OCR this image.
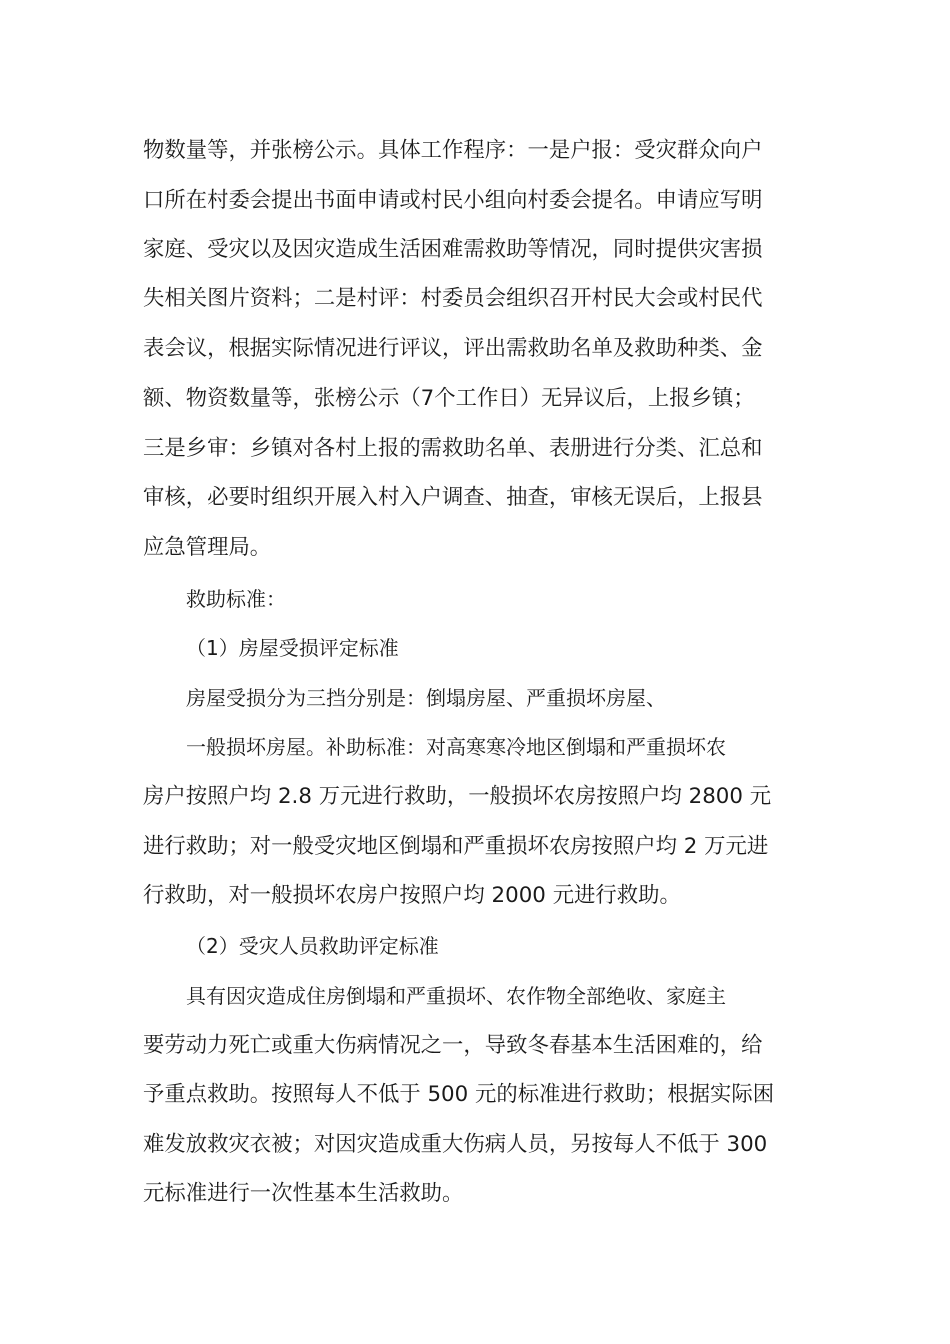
物数量等，并张榜公示。具体工作程序：一是户报：受灾群众向户
口所在村委会提出书面申请或村民小组向村委会提名。申请应写明
家庭、受灾以及因灾造成生活困难需救助等情况，同时提供灾害损
失相关图片资料；二是村评：村委员会组织召开村民大会或村民代
表会议，根据实际情况进行评议，评出需救助名单及救助种类、金
额、物资数量等，张榜公示（7个工作日）无异议后，上报乡镇；
三是乡审：乡镇对各村上报的需救助名单、表册进行分类、汇总和
审核，必要时组织开展入村入户调查、抽查，审核无误后，上报县
应急管理局。
救助标准：
（1）房屋受损评定标准
房屋受损分为三挡分别是：倒塌房屋、严重损坏房屋、
一般损坏房屋。补助标准：对高寒寒冷地区倒塌和严重损坏农
房户按照户均 2.8 万元进行救助，一般损坏农房按照户均 2800 元
进行救助；对一般受灾地区倒塌和严重损坏农房按照户均 2 万元进
行救助，对一般损坏农房户按照户均 2000 元进行救助。
（2）受灾人员救助评定标准
具有因灾造成住房倒塌和严重损坏、农作物全部绝收、家庭主
要劳动力死亡或重大伤病情况之一，导致冬春基本生活困难的，给
予重点救助。按照每人不低于 500 元的标准进行救助；根据实际困
难发放救灾衣被；对因灾造成重大伤病人员，另按每人不低于 300
元标准进行一次性基本生活救助。
